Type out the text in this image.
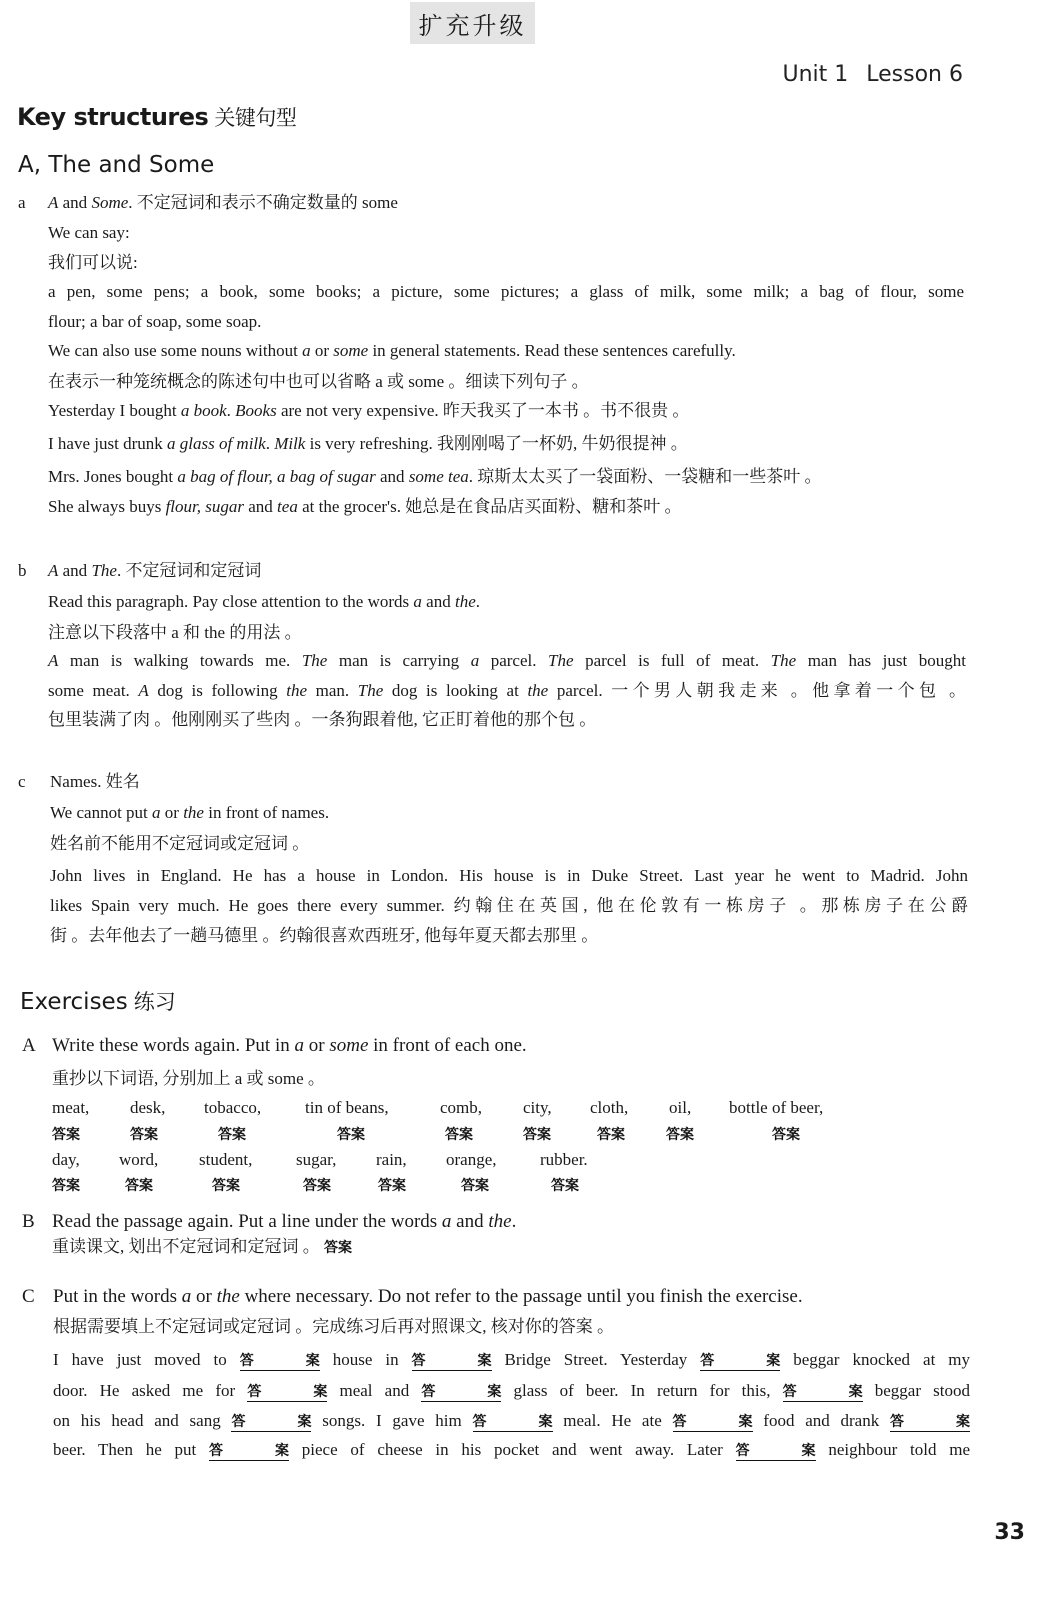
扩充升级
Unit 1 Lesson 6
Key structures 关键句型
A, The and Some
a A and Some. 不定冠词和表示不确定数量的 some
We can say:
我们可以说:
a pen, some pens; a book, some books; a picture, some pictures; a glass of milk, some milk; a bag of flour, some
flour; a bar of soap, some soap.
We can also use some nouns without a or some in general statements. Read these sentences carefully.
在表示一种笼统概念的陈述句中也可以省略 a 或 some 。细读下列句子 。
Yesterday I bought a book. Books are not very expensive. 昨天我买了一本书 。书不很贵 。
I have just drunk a glass of milk. Milk is very refreshing. 我刚刚喝了一杯奶, 牛奶很提神 。
Mrs. Jones bought a bag of flour, a bag of sugar and some tea. 琼斯太太买了一袋面粉、一袋糖和一些茶叶 。
She always buys flour, sugar and tea at the grocer's. 她总是在食品店买面粉、糖和茶叶 。
b A and The. 不定冠词和定冠词
Read this paragraph. Pay close attention to the words a and the.
注意以下段落中 a 和 the 的用法 。
A man is walking towards me. The man is carrying a parcel. The parcel is full of meat. The man has just bought
some meat. A dog is following the man. The dog is looking at the parcel. 一个男人朝我走来 。他拿着一个包 。
包里装满了肉 。他刚刚买了些肉 。一条狗跟着他, 它正盯着他的那个包 。
c Names. 姓名
We cannot put a or the in front of names.
姓名前不能用不定冠词或定冠词 。
John lives in England. He has a house in London. His house is in Duke Street. Last year he went to Madrid. John
likes Spain very much. He goes there every summer. 约翰住在英国, 他在伦敦有一栋房子 。那栋房子在公爵
街 。去年他去了一趟马德里 。约翰很喜欢西班牙, 他每年夏天都去那里 。
Exercises 练习
A Write these words again. Put in a or some in front of each one.
重抄以下词语, 分别加上 a 或 some 。
meat,
答案
desk,
答案
tobacco,
答案
tin of beans,
答案
comb,
答案
city,
答案
cloth,
答案
oil,
答案
bottle of beer,
答案
day,
答案
word,
答案
student,
答案
sugar,
答案
rain,
答案
orange,
答案
rubber.
答案
B Read the passage again. Put a line under the words a and the.
重读课文, 划出不定冠词和定冠词 。 答案
C Put in the words a or the where necessary. Do not refer to the passage until you finish the exercise.
根据需要填上不定冠词或定冠词 。完成练习后再对照课文, 核对你的答案 。
I have just moved to 答案 house in 答案 Bridge Street. Yesterday 答案 beggar knocked at my
door. He asked me for 答案 meal and 答案 glass of beer. In return for this, 答案 beggar stood
on his head and sang 答案 songs. I gave him 答案 meal. He ate 答案 food and drank 答案
beer. Then he put 答案 piece of cheese in his pocket and went away. Later 答案 neighbour told me
33
